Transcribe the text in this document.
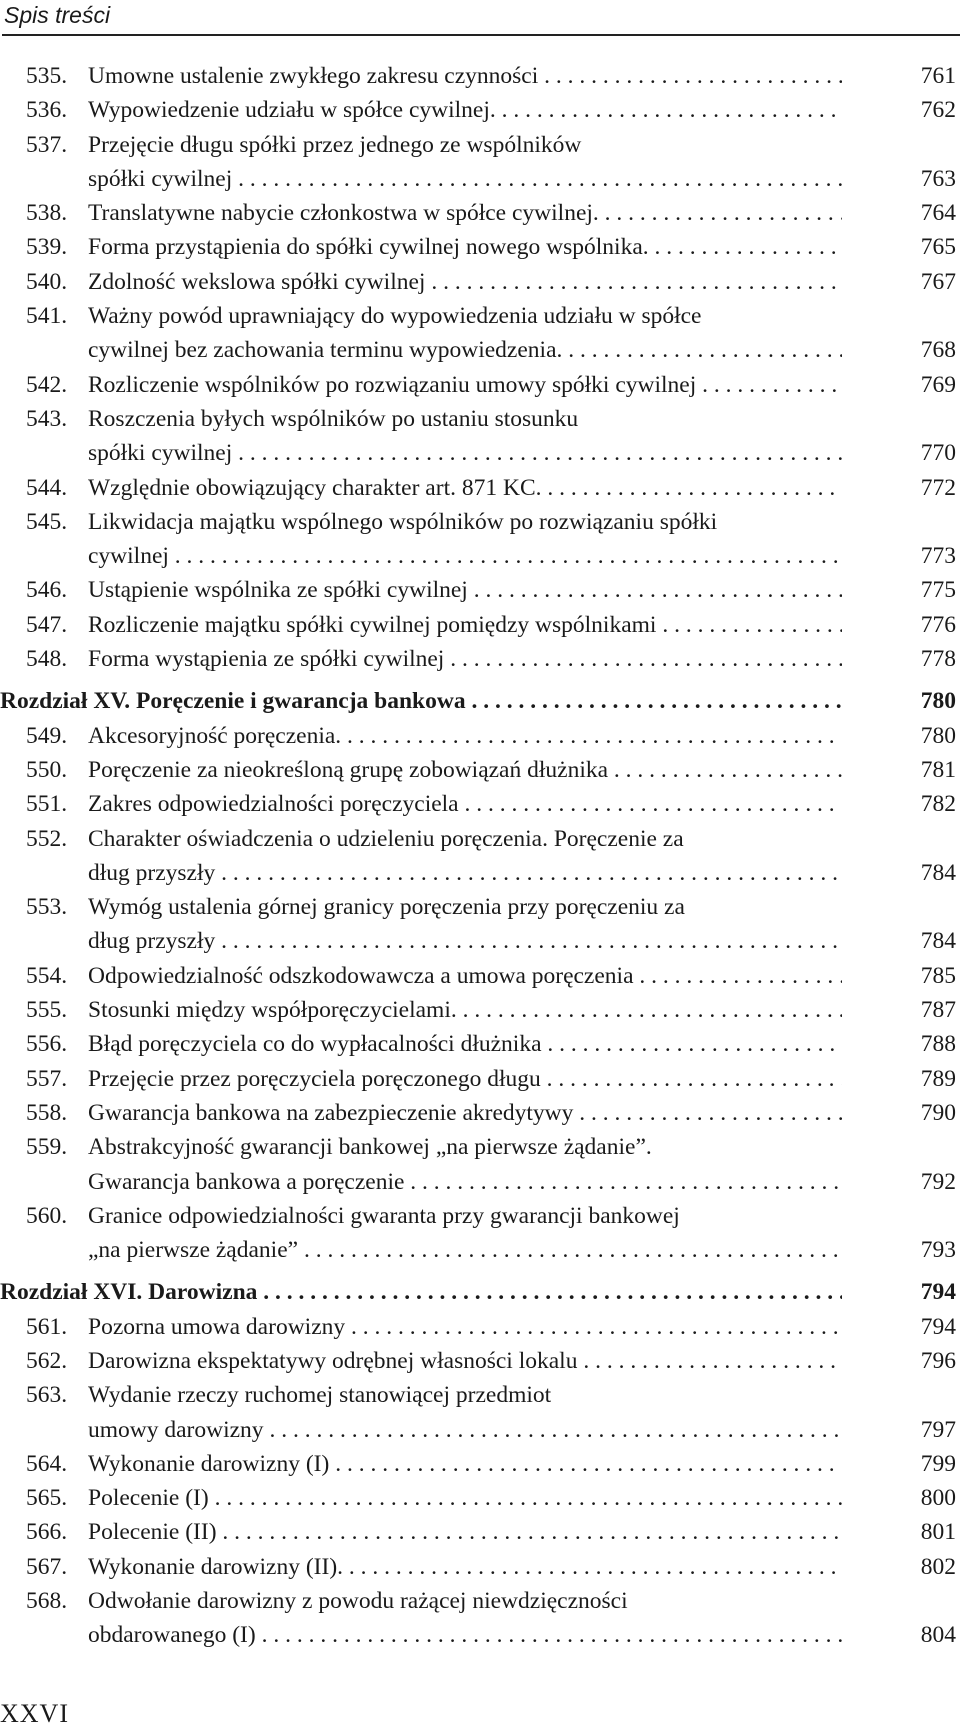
Spis treści
535. Umowne ustalenie zwykłego zakresu czynności . . .	761
536. Wypowiedzenie udziału w spółce cywilnej. . . .	762
537. Przejęcie długu spółki przez jednego ze wspólników
spółki cywilnej . . .	763
538. Translatywne nabycie członkostwa w spółce cywilnej. . . .	764
539. Forma przystąpienia do spółki cywilnej nowego wspólnika. . . .	765
540. Zdolność wekslowa spółki cywilnej . . .	767
541. Ważny powód uprawniający do wypowiedzenia udziału w spółce
cywilnej bez zachowania terminu wypowiedzenia. . . .	768
542. Rozliczenie wspólników po rozwiązaniu umowy spółki cywilnej . . .	769
543. Roszczenia byłych wspólników po ustaniu stosunku
spółki cywilnej . . .	770
544. Względnie obowiązujący charakter art. 871 KC. . . .	772
545. Likwidacja majątku wspólnego wspólników po rozwiązaniu spółki
cywilnej . . .	773
546. Ustąpienie wspólnika ze spółki cywilnej . . .	775
547. Rozliczenie majątku spółki cywilnej pomiędzy wspólnikami . . .	776
548. Forma wystąpienia ze spółki cywilnej . . .	778
Rozdział XV. Poręczenie i gwarancja bankowa . . .	780
549. Akcesoryjność poręczenia. . . .	780
550. Poręczenie za nieokreśloną grupę zobowiązań dłużnika . . .	781
551. Zakres odpowiedzialności poręczyciela . . .	782
552. Charakter oświadczenia o udzieleniu poręczenia. Poręczenie za
dług przyszły . . .	784
553. Wymóg ustalenia górnej granicy poręczenia przy poręczeniu za
dług przyszły . . .	784
554. Odpowiedzialność odszkodowawcza a umowa poręczenia . . .	785
555. Stosunki między współporęczycielami. . . .	787
556. Błąd poręczyciela co do wypłacalności dłużnika . . .	788
557. Przejęcie przez poręczyciela poręczonego długu . . .	789
558. Gwarancja bankowa na zabezpieczenie akredytywy . . .	790
559. Abstrakcyjność gwarancji bankowej „na pierwsze żądanie”.
Gwarancja bankowa a poręczenie . . .	792
560. Granice odpowiedzialności gwaranta przy gwarancji bankowej
„na pierwsze żądanie” . . .	793
Rozdział XVI. Darowizna . . .	794
561. Pozorna umowa darowizny . . .	794
562. Darowizna ekspektatywy odrębnej własności lokalu . . .	796
563. Wydanie rzeczy ruchomej stanowiącej przedmiot
umowy darowizny . . .	797
564. Wykonanie darowizny (I) . . .	799
565. Polecenie (I) . . .	800
566. Polecenie (II) . . .	801
567. Wykonanie darowizny (II). . . .	802
568. Odwołanie darowizny z powodu rażącej niewdzięczności
obdarowanego (I) . . .	804
XXVI
